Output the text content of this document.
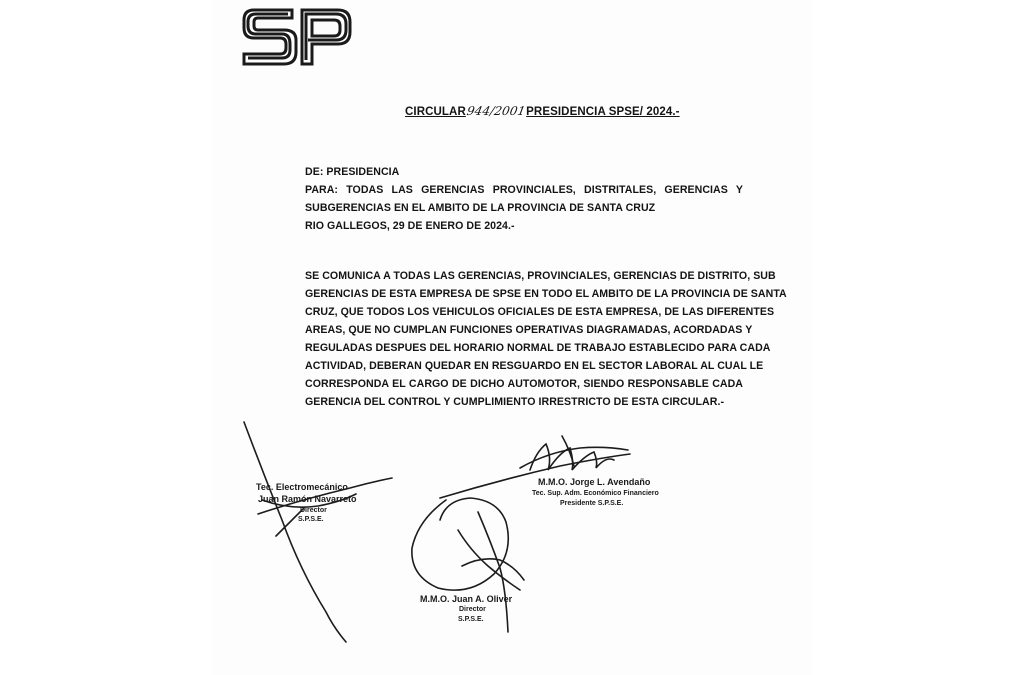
CIRCULAR944/2001PRESIDENCIA SPSE/ 2024.-
DE: PRESIDENCIA
PARA: TODAS LAS GERENCIAS PROVINCIALES, DISTRITALES, GERENCIAS Y
SUBGERENCIAS EN EL AMBITO DE LA PROVINCIA DE SANTA CRUZ
RIO GALLEGOS, 29 DE ENERO DE 2024.-
SE COMUNICA A TODAS LAS GERENCIAS, PROVINCIALES, GERENCIAS DE DISTRITO, SUB
GERENCIAS DE ESTA EMPRESA DE SPSE EN TODO EL AMBITO DE LA PROVINCIA DE SANTA
CRUZ, QUE TODOS LOS VEHICULOS OFICIALES DE ESTA EMPRESA, DE LAS DIFERENTES
AREAS, QUE NO CUMPLAN FUNCIONES OPERATIVAS DIAGRAMADAS, ACORDADAS Y
REGULADAS DESPUES DEL HORARIO NORMAL DE TRABAJO ESTABLECIDO PARA CADA
ACTIVIDAD, DEBERAN QUEDAR EN RESGUARDO EN EL SECTOR LABORAL AL CUAL LE
CORRESPONDA EL CARGO DE DICHO AUTOMOTOR, SIENDO RESPONSABLE CADA
GERENCIA DEL CONTROL Y CUMPLIMIENTO IRRESTRICTO DE ESTA CIRCULAR.-
Tec. Electromecánico
Juan Ramón Navarreto
Director
S.P.S.E.
M.M.O. Jorge L. Avendaño
Tec. Sup. Adm. Económico Financiero
Presidente S.P.S.E.
M.M.O. Juan A. Oliver
Director
S.P.S.E.
